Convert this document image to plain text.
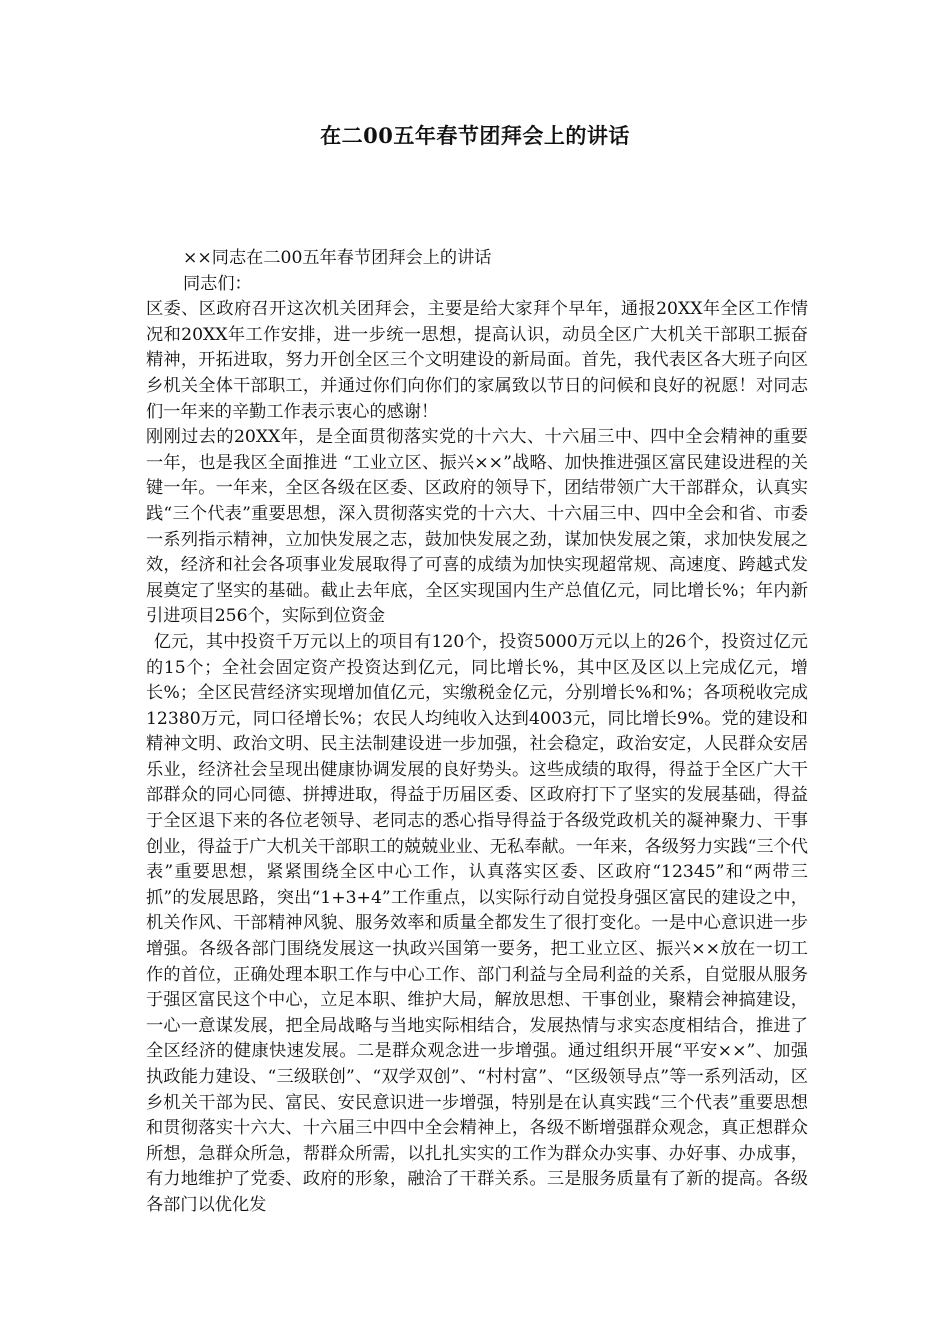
在二00五年春节团拜会上的讲话

××同志在二00五年春节团拜会上的讲话

同志们：

区委、区政府召开这次机关团拜会，主要是给大家拜个早年，通报20XX年全区工作情况和20XX年工作安排，进一步统一思想，提高认识，动员全区广大机关干部职工振奋精神，开拓进取，努力开创全区三个文明建设的新局面。首先，我代表区各大班子向区乡机关全体干部职工，并通过你们向你们的家属致以节日的问候和良好的祝愿！对同志们一年来的辛勤工作表示衷心的感谢！

刚刚过去的20XX年，是全面贯彻落实党的十六大、十六届三中、四中全会精神的重要一年，也是我区全面推进 “工业立区、振兴××”战略、加快推进强区富民建设进程的关键一年。一年来，全区各级在区委、区政府的领导下，团结带领广大干部群众，认真实践“三个代表”重要思想，深入贯彻落实党的十六大、十六届三中、四中全会和省、市委一系列指示精神，立加快发展之志，鼓加快发展之劲，谋加快发展之策，求加快发展之效，经济和社会各项事业发展取得了可喜的成绩为加快实现超常规、高速度、跨越式发展奠定了坚实的基础。截止去年底，全区实现国内生产总值亿元，同比增长%；年内新引进项目256个，实际到位资金

亿元，其中投资千万元以上的项目有120个，投资5000万元以上的26个，投资过亿元的15个；全社会固定资产投资达到亿元，同比增长%，其中区及区以上完成亿元，增长%；全区民营经济实现增加值亿元，实缴税金亿元，分别增长%和%；各项税收完成12380万元，同口径增长%；农民人均纯收入达到4003元，同比增长9%。党的建设和精神文明、政治文明、民主法制建设进一步加强，社会稳定，政治安定，人民群众安居乐业，经济社会呈现出健康协调发展的良好势头。这些成绩的取得，得益于全区广大干部群众的同心同德、拼搏进取，得益于历届区委、区政府打下了坚实的发展基础，得益于全区退下来的各位老领导、老同志的悉心指导得益于各级党政机关的凝神聚力、干事创业，得益于广大机关干部职工的兢兢业业、无私奉献。一年来，各级努力实践“三个代表”重要思想，紧紧围绕全区中心工作，认真落实区委、区政府“12345”和“两带三抓”的发展思路，突出“1+3+4”工作重点，以实际行动自觉投身强区富民的建设之中，机关作风、干部精神风貌、服务效率和质量全都发生了很打变化。一是中心意识进一步增强。各级各部门围绕发展这一执政兴国第一要务，把工业立区、振兴××放在一切工作的首位，正确处理本职工作与中心工作、部门利益与全局利益的关系，自觉服从服务于强区富民这个中心，立足本职、维护大局，解放思想、干事创业，聚精会神搞建设，一心一意谋发展，把全局战略与当地实际相结合，发展热情与求实态度相结合，推进了全区经济的健康快速发展。二是群众观念进一步增强。通过组织开展“平安××”、加强执政能力建设、“三级联创”、“双学双创”、“村村富”、“区级领导点”等一系列活动，区乡机关干部为民、富民、安民意识进一步增强，特别是在认真实践“三个代表”重要思想和贯彻落实十六大、十六届三中四中全会精神上，各级不断增强群众观念，真正想群众所想，急群众所急，帮群众所需，以扎扎实实的工作为群众办实事、办好事、办成事，有力地维护了党委、政府的形象，融洽了干群关系。三是服务质量有了新的提高。各级各部门以优化发
